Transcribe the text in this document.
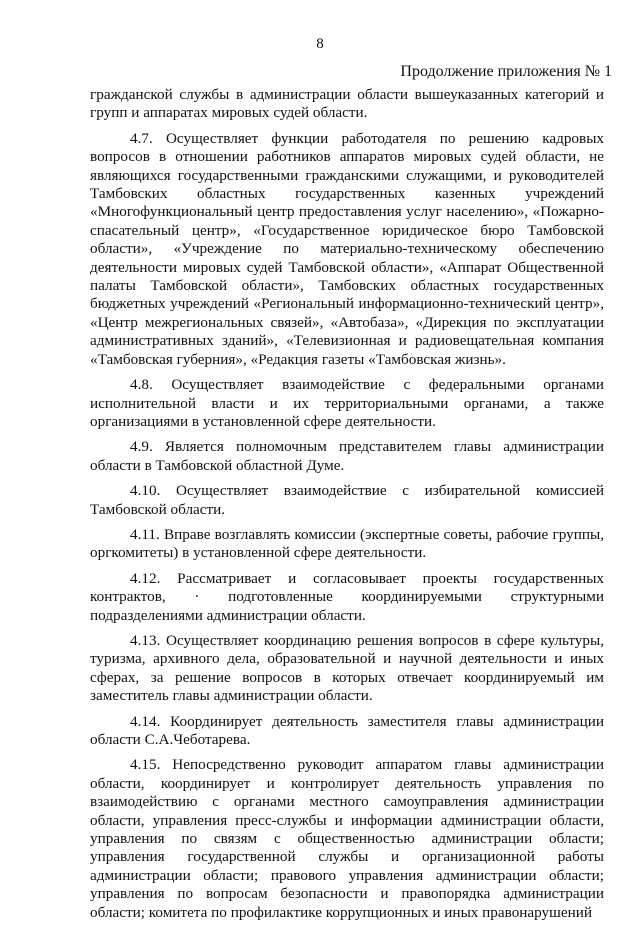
8
Продолжение приложения № 1

гражданской службы в администрации области вышеуказанных категорий и групп и аппаратах мировых судей области.

4.7. Осуществляет функции работодателя по решению кадровых вопросов в отношении работников аппаратов мировых судей области, не являющихся государственными гражданскими служащими, и руководителей Тамбовских областных государственных казенных учреждений «Многофункциональный центр предоставления услуг населению», «Пожарно-спасательный центр», «Государственное юридическое бюро Тамбовской области», «Учреждение по материально-техническому обеспечению деятельности мировых судей Тамбовской области», «Аппарат Общественной палаты Тамбовской области», Тамбовских областных государственных бюджетных учреждений «Региональный информационно-технический центр», «Центр межрегиональных связей», «Автобаза», «Дирекция по эксплуатации административных зданий», «Телевизионная и радиовещательная компания «Тамбовская губерния», «Редакция газеты «Тамбовская жизнь».

4.8. Осуществляет взаимодействие с федеральными органами исполнительной власти и их территориальными органами, а также организациями в установленной сфере деятельности.

4.9. Является полномочным представителем главы администрации области в Тамбовской областной Думе.

4.10. Осуществляет взаимодействие с избирательной комиссией Тамбовской области.

4.11. Вправе возглавлять комиссии (экспертные советы, рабочие группы, оргкомитеты) в установленной сфере деятельности.

4.12. Рассматривает и согласовывает проекты государственных контрактов, · подготовленные координируемыми структурными подразделениями администрации области.

4.13. Осуществляет координацию решения вопросов в сфере культуры, туризма, архивного дела, образовательной и научной деятельности и иных сферах, за решение вопросов в которых отвечает координируемый им заместитель главы администрации области.

4.14. Координирует деятельность заместителя главы администрации области С.А.Чеботарева.

4.15. Непосредственно руководит аппаратом главы администрации области, координирует и контролирует деятельность управления по взаимодействию с органами местного самоуправления администрации области, управления пресс-службы и информации администрации области, управления по связям с общественностью администрации области; управления государственной службы и организационной работы администрации области; правового управления администрации области; управления по вопросам безопасности и правопорядка администрации области; комитета по профилактике коррупционных и иных правонарушений
